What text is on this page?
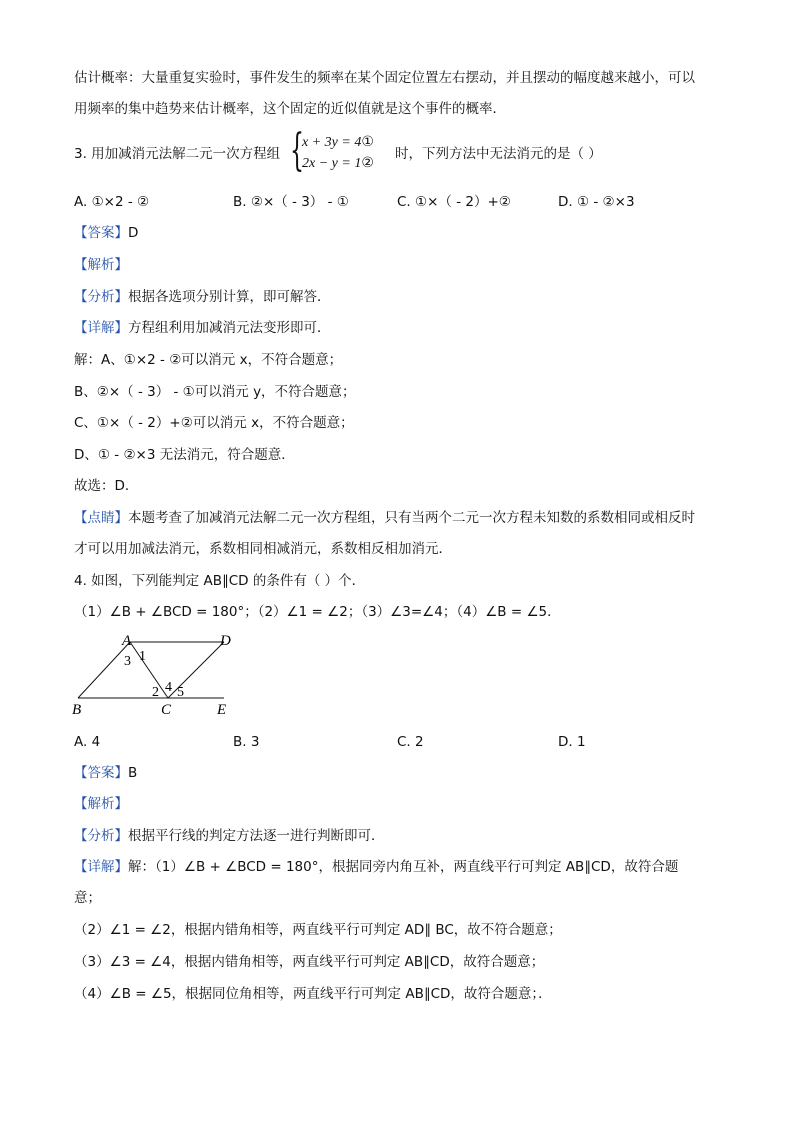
估计概率：大量重复实验时，事件发生的频率在某个固定位置左右摆动，并且摆动的幅度越来越小，可以
用频率的集中趋势来估计概率，这个固定的近似值就是这个事件的概率．
3. 用加减消元法解二元一次方程组 {
x + 3y = 4①
2x − y = 1②
时，下列方法中无法消元的是（ ）
A. ①×2 - ②	B. ②×（ - 3） - ①	C. ①×（ - 2）+②	D. ① - ②×3
【答案】D
【解析】
【分析】根据各选项分别计算，即可解答．
【详解】方程组利用加减消元法变形即可．
解：A、①×2 - ②可以消元 x，不符合题意；
B、②×（ - 3） - ①可以消元 y，不符合题意；
C、①×（ - 2）+②可以消元 x，不符合题意；
D、① - ②×3 无法消元，符合题意．
故选：D．
【点睛】本题考查了加减消元法解二元一次方程组，只有当两个二元一次方程未知数的系数相同或相反时
才可以用加减法消元，系数相同相减消元，系数相反相加消元．
4. 如图，下列能判定 AB∥CD 的条件有（ ）个．
（1）∠B + ∠BCD = 180°；（2）∠1 = ∠2；（3）∠3=∠4；（4）∠B = ∠5．
A	D
B	C	E
1
3
2 4 5
A. 4	B. 3	C. 2	D. 1
【答案】B
【解析】
【分析】根据平行线的判定方法逐一进行判断即可．
【详解】解：（1）∠B + ∠BCD = 180°，根据同旁内角互补，两直线平行可判定 AB∥CD，故符合题
意；
（2）∠1 = ∠2，根据内错角相等，两直线平行可判定 AD∥ BC，故不符合题意；
（3）∠3 = ∠4，根据内错角相等，两直线平行可判定 AB∥CD，故符合题意；
（4）∠B = ∠5，根据同位角相等，两直线平行可判定 AB∥CD，故符合题意；．
